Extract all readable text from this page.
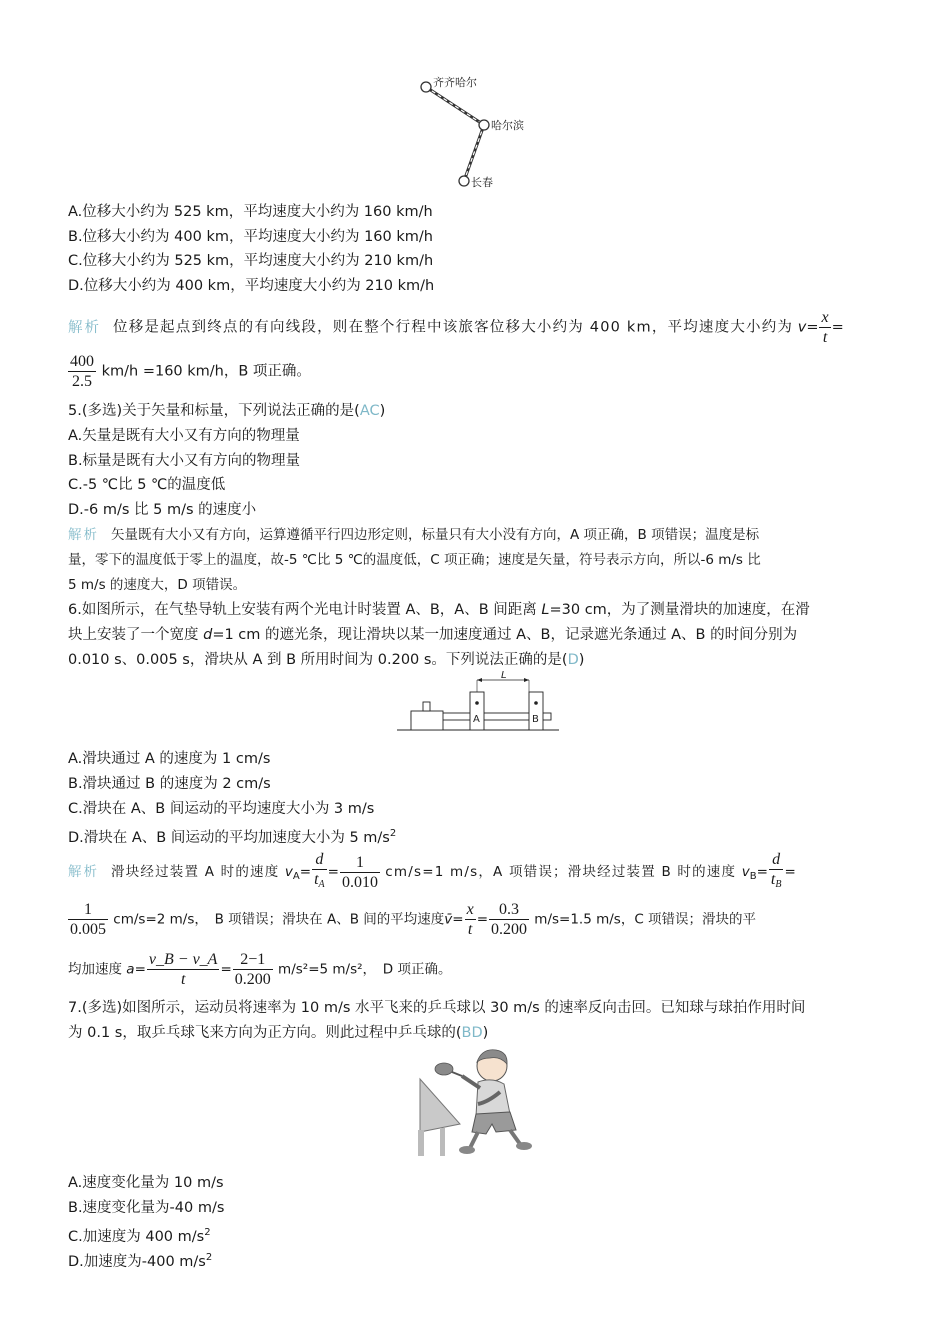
齐齐哈尔
哈尔滨
长春
A.位移大小约为 525 km，平均速度大小约为 160 km/h
B.位移大小约为 400 km，平均速度大小约为 160 km/h
C.位移大小约为 525 km，平均速度大小约为 210 km/h
D.位移大小约为 400 km，平均速度大小约为 210 km/h
解析 位移是起点到终点的有向线段，则在整个行程中该旅客位移大小约为 400 km，平均速度大小约为 $v= \frac{x}{t}$ =
$\frac{400}{2.5} km/h =160$ km/h，B 项正确。
5.(多选)关于矢量和标量，下列说法正确的是(AC)
A.矢量是既有大小又有方向的物理量
B.标量是既有大小又有方向的物理量
C.-5 ℃比 5 ℃的温度低
D.-6 m/s 比 5 m/s 的速度小
解析 矢量既有大小又有方向，运算遵循平行四边形定则，标量只有大小没有方向，A 项正确，B 项错误；温度是标
量，零下的温度低于零上的温度，故-5 ℃比 5 ℃的温度低，C 项正确；速度是矢量，符号表示方向，所以-6 m/s 比
5 m/s 的速度大，D 项错误。
6.如图所示，在气垫导轨上安装有两个光电计时装置 A、B，A、B 间距离 L=30 cm，为了测量滑块的加速度，在滑
块上安装了一个宽度 d=1 cm 的遮光条，现让滑块以某一加速度通过 A、B，记录遮光条通过 A、B 的时间分别为
0.010 s、0.005 s，滑块从 A 到 B 所用时间为 0.200 s。下列说法正确的是(D)
L
A	B
A.滑块通过 A 的速度为 1 cm/s
B.滑块通过 B 的速度为 2 cm/s
C.滑块在 A、B 间运动的平均速度大小为 3 m/s
D.滑块在 A、B 间运动的平均加速度大小为 5 $m/s^2$
解析 滑块经过装置 A 时的速度 $v_A= \frac{d}{t_A} = \frac{1}{0.010} cm/s=1$ m/s，A 项错误；滑块经过装置 B 时的速度 $v_B= \frac{d}{t_B}$ =
$\frac{1}{0.005} cm/s=2$ m/s，　B 项错误；滑块在 A、B 间的平均速度v̄= $\frac{x}{t} = \frac{0.3}{0.200} m/s=1.5$ m/s，C 项错误；滑块的平
均加速度 $a= \frac{v\_B - v\_A}{t} = \frac{2-1}{0.200} m/s^2=5$ m/s²，　D 项正确。
7.(多选)如图所示，运动员将速率为 10 m/s 水平飞来的乒乓球以 30 m/s 的速率反向击回。已知球与球拍作用时间
为 0.1 s，取乒乓球飞来方向为正方向。则此过程中乒乓球的(BD)
A.速度变化量为 10 m/s
B.速度变化量为-40 m/s
C.加速度为 400 $m/s^2$
D.加速度为-400 $m/s^2$
